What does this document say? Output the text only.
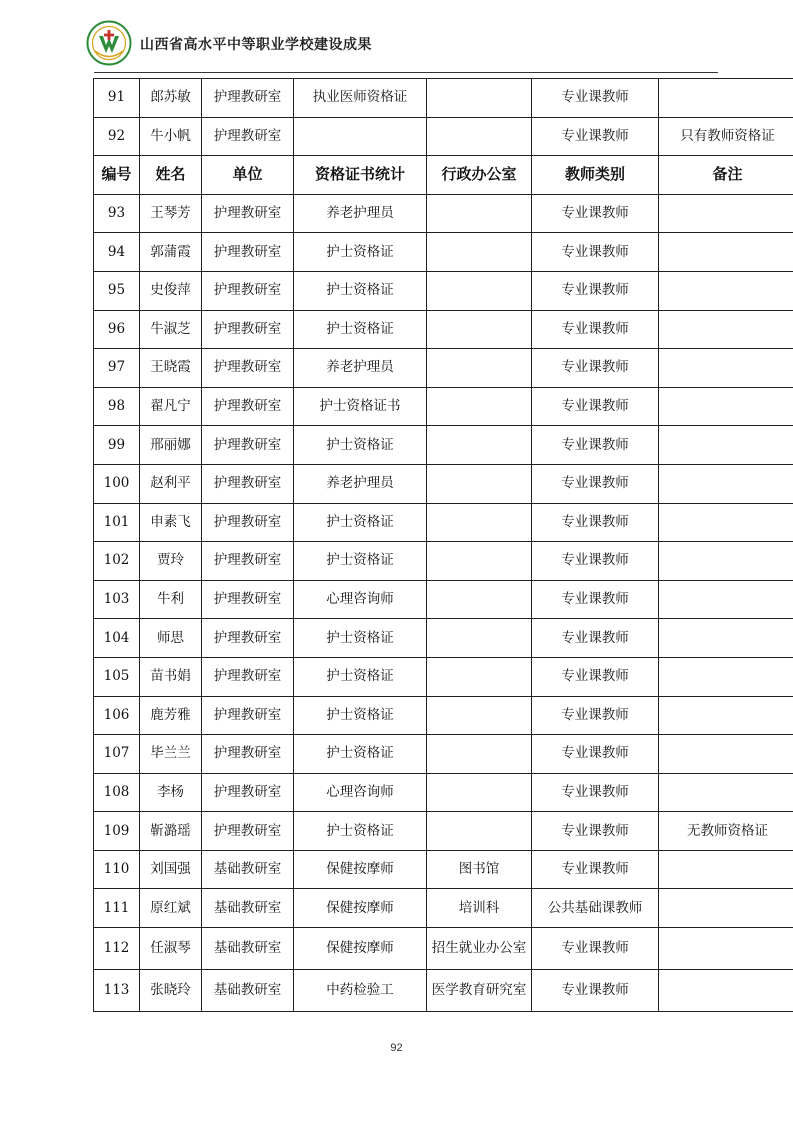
山西省高水平中等职业学校建设成果
91	郎苏敏	护理教研室	执业医师资格证		专业课教师	
92	牛小帆	护理教研室			专业课教师	只有教师资格证
编号	姓名	单位	资格证书统计	行政办公室	教师类别	备注
93	王琴芳	护理教研室	养老护理员		专业课教师	
94	郭蒲霞	护理教研室	护士资格证		专业课教师	
95	史俊萍	护理教研室	护士资格证		专业课教师	
96	牛淑芝	护理教研室	护士资格证		专业课教师	
97	王晓霞	护理教研室	养老护理员		专业课教师	
98	翟凡宁	护理教研室	护士资格证书		专业课教师	
99	邢丽娜	护理教研室	护士资格证		专业课教师	
100	赵利平	护理教研室	养老护理员		专业课教师	
101	申素飞	护理教研室	护士资格证		专业课教师	
102	贾玲	护理教研室	护士资格证		专业课教师	
103	牛利	护理教研室	心理咨询师		专业课教师	
104	师思	护理教研室	护士资格证		专业课教师	
105	苗书娟	护理教研室	护士资格证		专业课教师	
106	鹿芳雅	护理教研室	护士资格证		专业课教师	
107	毕兰兰	护理教研室	护士资格证		专业课教师	
108	李杨	护理教研室	心理咨询师		专业课教师	
109	靳潞瑶	护理教研室	护士资格证		专业课教师	无教师资格证
110	刘国强	基础教研室	保健按摩师	图书馆	专业课教师	
111	原红斌	基础教研室	保健按摩师	培训科	公共基础课教师	
112	任淑琴	基础教研室	保健按摩师	招生就业办公室	专业课教师	
113	张晓玲	基础教研室	中药检验工	医学教育研究室	专业课教师	
92
